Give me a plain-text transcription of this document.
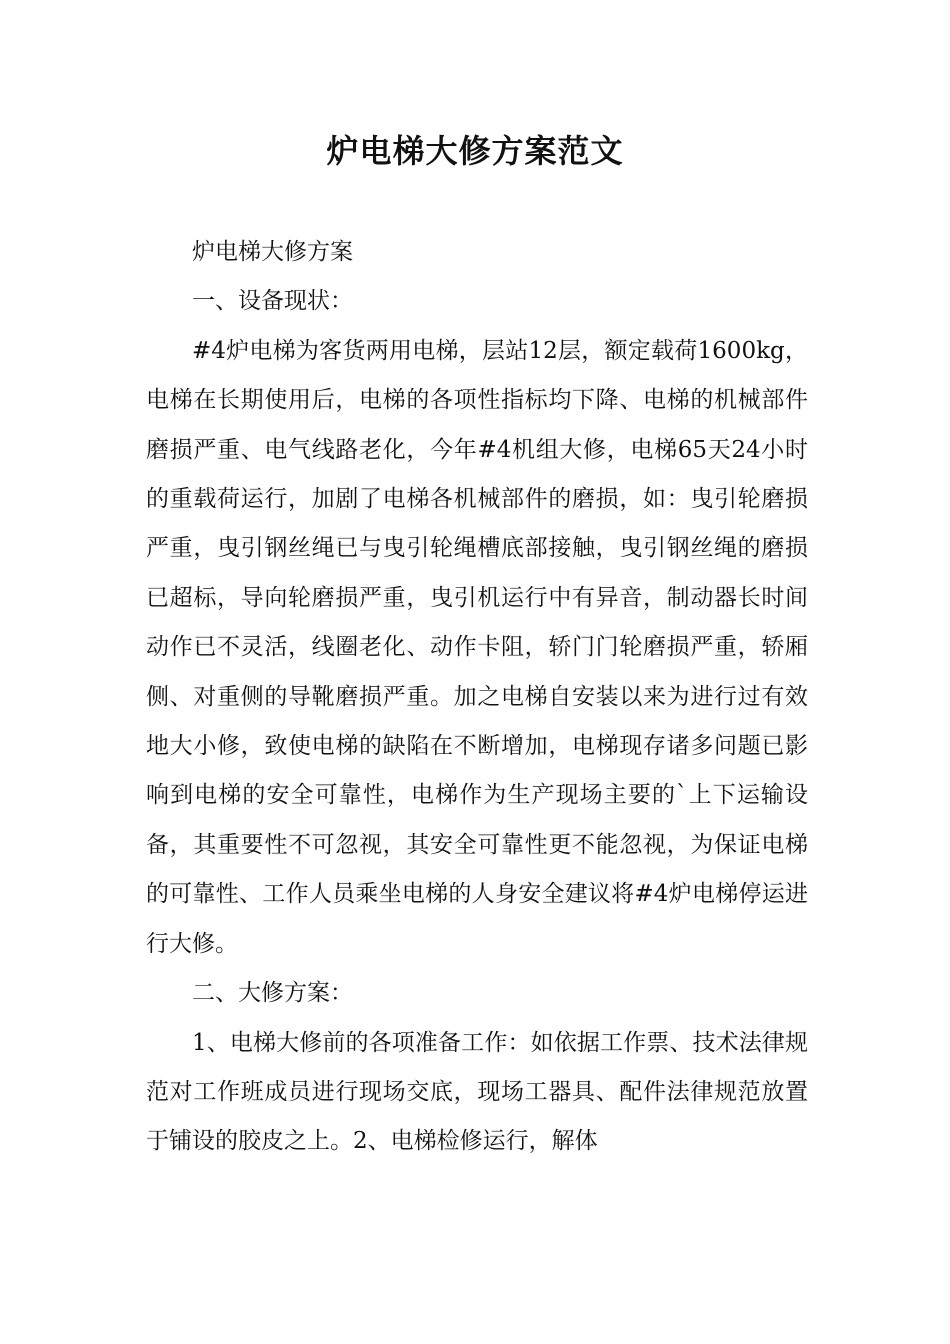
炉电梯大修方案范文

炉电梯大修方案

一、设备现状：

#4炉电梯为客货两用电梯，层站12层，额定载荷1600kg，电梯在长期使用后，电梯的各项性指标均下降、电梯的机械部件磨损严重、电气线路老化，今年#4机组大修，电梯65天24小时的重载荷运行，加剧了电梯各机械部件的磨损，如：曳引轮磨损严重，曳引钢丝绳已与曳引轮绳槽底部接触，曳引钢丝绳的磨损已超标，导向轮磨损严重，曳引机运行中有异音，制动器长时间动作已不灵活，线圈老化、动作卡阻，轿门门轮磨损严重，轿厢侧、对重侧的导靴磨损严重。加之电梯自安装以来为进行过有效地大小修，致使电梯的缺陷在不断增加，电梯现存诸多问题已影响到电梯的安全可靠性，电梯作为生产现场主要的`上下运输设备，其重要性不可忽视，其安全可靠性更不能忽视，为保证电梯的可靠性、工作人员乘坐电梯的人身安全建议将#4炉电梯停运进行大修。

二、大修方案：

1、电梯大修前的各项准备工作：如依据工作票、技术法律规范对工作班成员进行现场交底，现场工器具、配件法律规范放置于铺设的胶皮之上。2、电梯检修运行，解体
